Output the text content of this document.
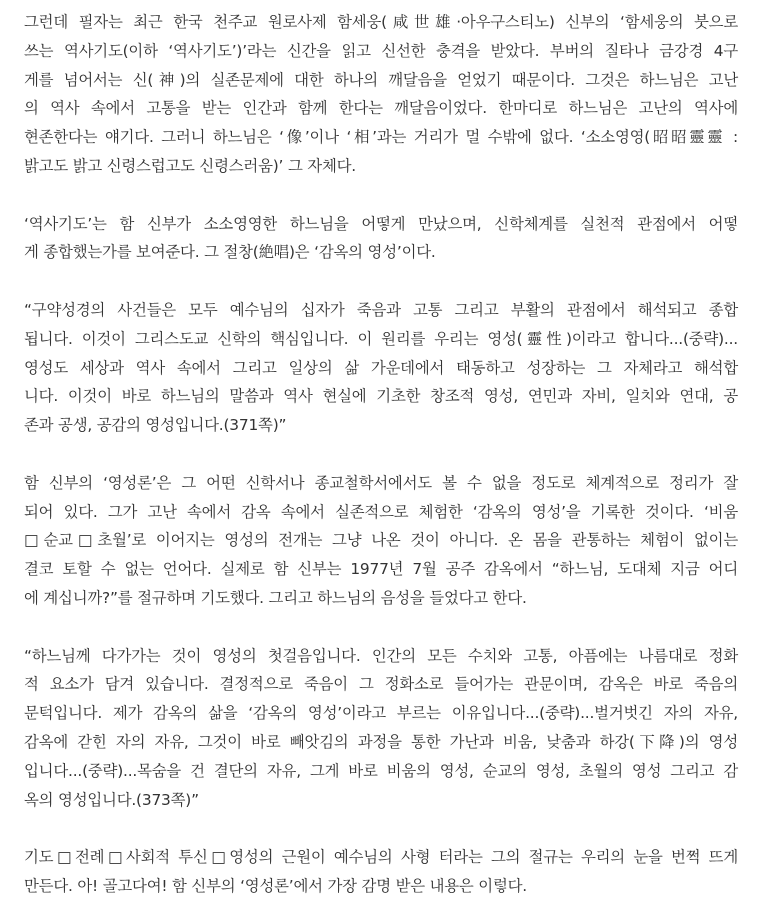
그런데 필자는 최근 한국 천주교 원로사제 함세웅(咸世雄·아우구스티노) 신부의 ‘함세웅의 붓으로
쓰는 역사기도(이하 ‘역사기도’)’라는 신간을 읽고 신선한 충격을 받았다. 부버의 질타나 금강경 4구
게를 넘어서는 신(神)의 실존문제에 대한 하나의 깨달음을 얻었기 때문이다. 그것은 하느님은 고난
의 역사 속에서 고통을 받는 인간과 함께 한다는 깨달음이었다. 한마디로 하느님은 고난의 역사에
현존한다는 얘기다. 그러니 하느님은 ‘像’이나 ‘相’과는 거리가 멀 수밖에 없다. ‘소소영영(昭昭靈靈 :
밝고도 밝고 신령스럽고도 신령스러움)’ 그 자체다.
‘역사기도’는 함 신부가 소소영영한 하느님을 어떻게 만났으며, 신학체계를 실천적 관점에서 어떻
게 종합했는가를 보여준다. 그 절창(絶唱)은 ‘감옥의 영성’이다.
“구약성경의 사건들은 모두 예수님의 십자가 죽음과 고통 그리고 부활의 관점에서 해석되고 종합
됩니다. 이것이 그리스도교 신학의 핵심입니다. 이 원리를 우리는 영성(靈性)이라고 합니다...(중략)...
영성도 세상과 역사 속에서 그리고 일상의 삶 가운데에서 태동하고 성장하는 그 자체라고 해석합
니다. 이것이 바로 하느님의 말씀과 역사 현실에 기초한 창조적 영성, 연민과 자비, 일치와 연대, 공
존과 공생, 공감의 영성입니다.(371쪽)”
함 신부의 ‘영성론’은 그 어떤 신학서나 종교철학서에서도 볼 수 없을 정도로 체계적으로 정리가 잘
되어 있다. 그가 고난 속에서 감옥 속에서 실존적으로 체험한 ‘감옥의 영성’을 기록한 것이다. ‘비움
□순교□초월’로 이어지는 영성의 전개는 그냥 나온 것이 아니다. 온 몸을 관통하는 체험이 없이는
결코 토할 수 없는 언어다. 실제로 함 신부는 1977년 7월 공주 감옥에서 “하느님, 도대체 지금 어디
에 계십니까?”를 절규하며 기도했다. 그리고 하느님의 음성을 들었다고 한다.
“하느님께 다가가는 것이 영성의 첫걸음입니다. 인간의 모든 수치와 고통, 아픔에는 나름대로 정화
적 요소가 담겨 있습니다. 결정적으로 죽음이 그 정화소로 들어가는 관문이며, 감옥은 바로 죽음의
문턱입니다. 제가 감옥의 삶을 ‘감옥의 영성’이라고 부르는 이유입니다...(중략)...벌거벗긴 자의 자유,
감옥에 갇힌 자의 자유, 그것이 바로 빼앗김의 과정을 통한 가난과 비움, 낮춤과 하강(下降)의 영성
입니다...(중략)...목숨을 건 결단의 자유, 그게 바로 비움의 영성, 순교의 영성, 초월의 영성 그리고 감
옥의 영성입니다.(373쪽)”
기도□전례□사회적 투신□영성의 근원이 예수님의 사형 터라는 그의 절규는 우리의 눈을 번쩍 뜨게
만든다. 아! 골고다여! 함 신부의 ‘영성론’에서 가장 감명 받은 내용은 이렇다.
